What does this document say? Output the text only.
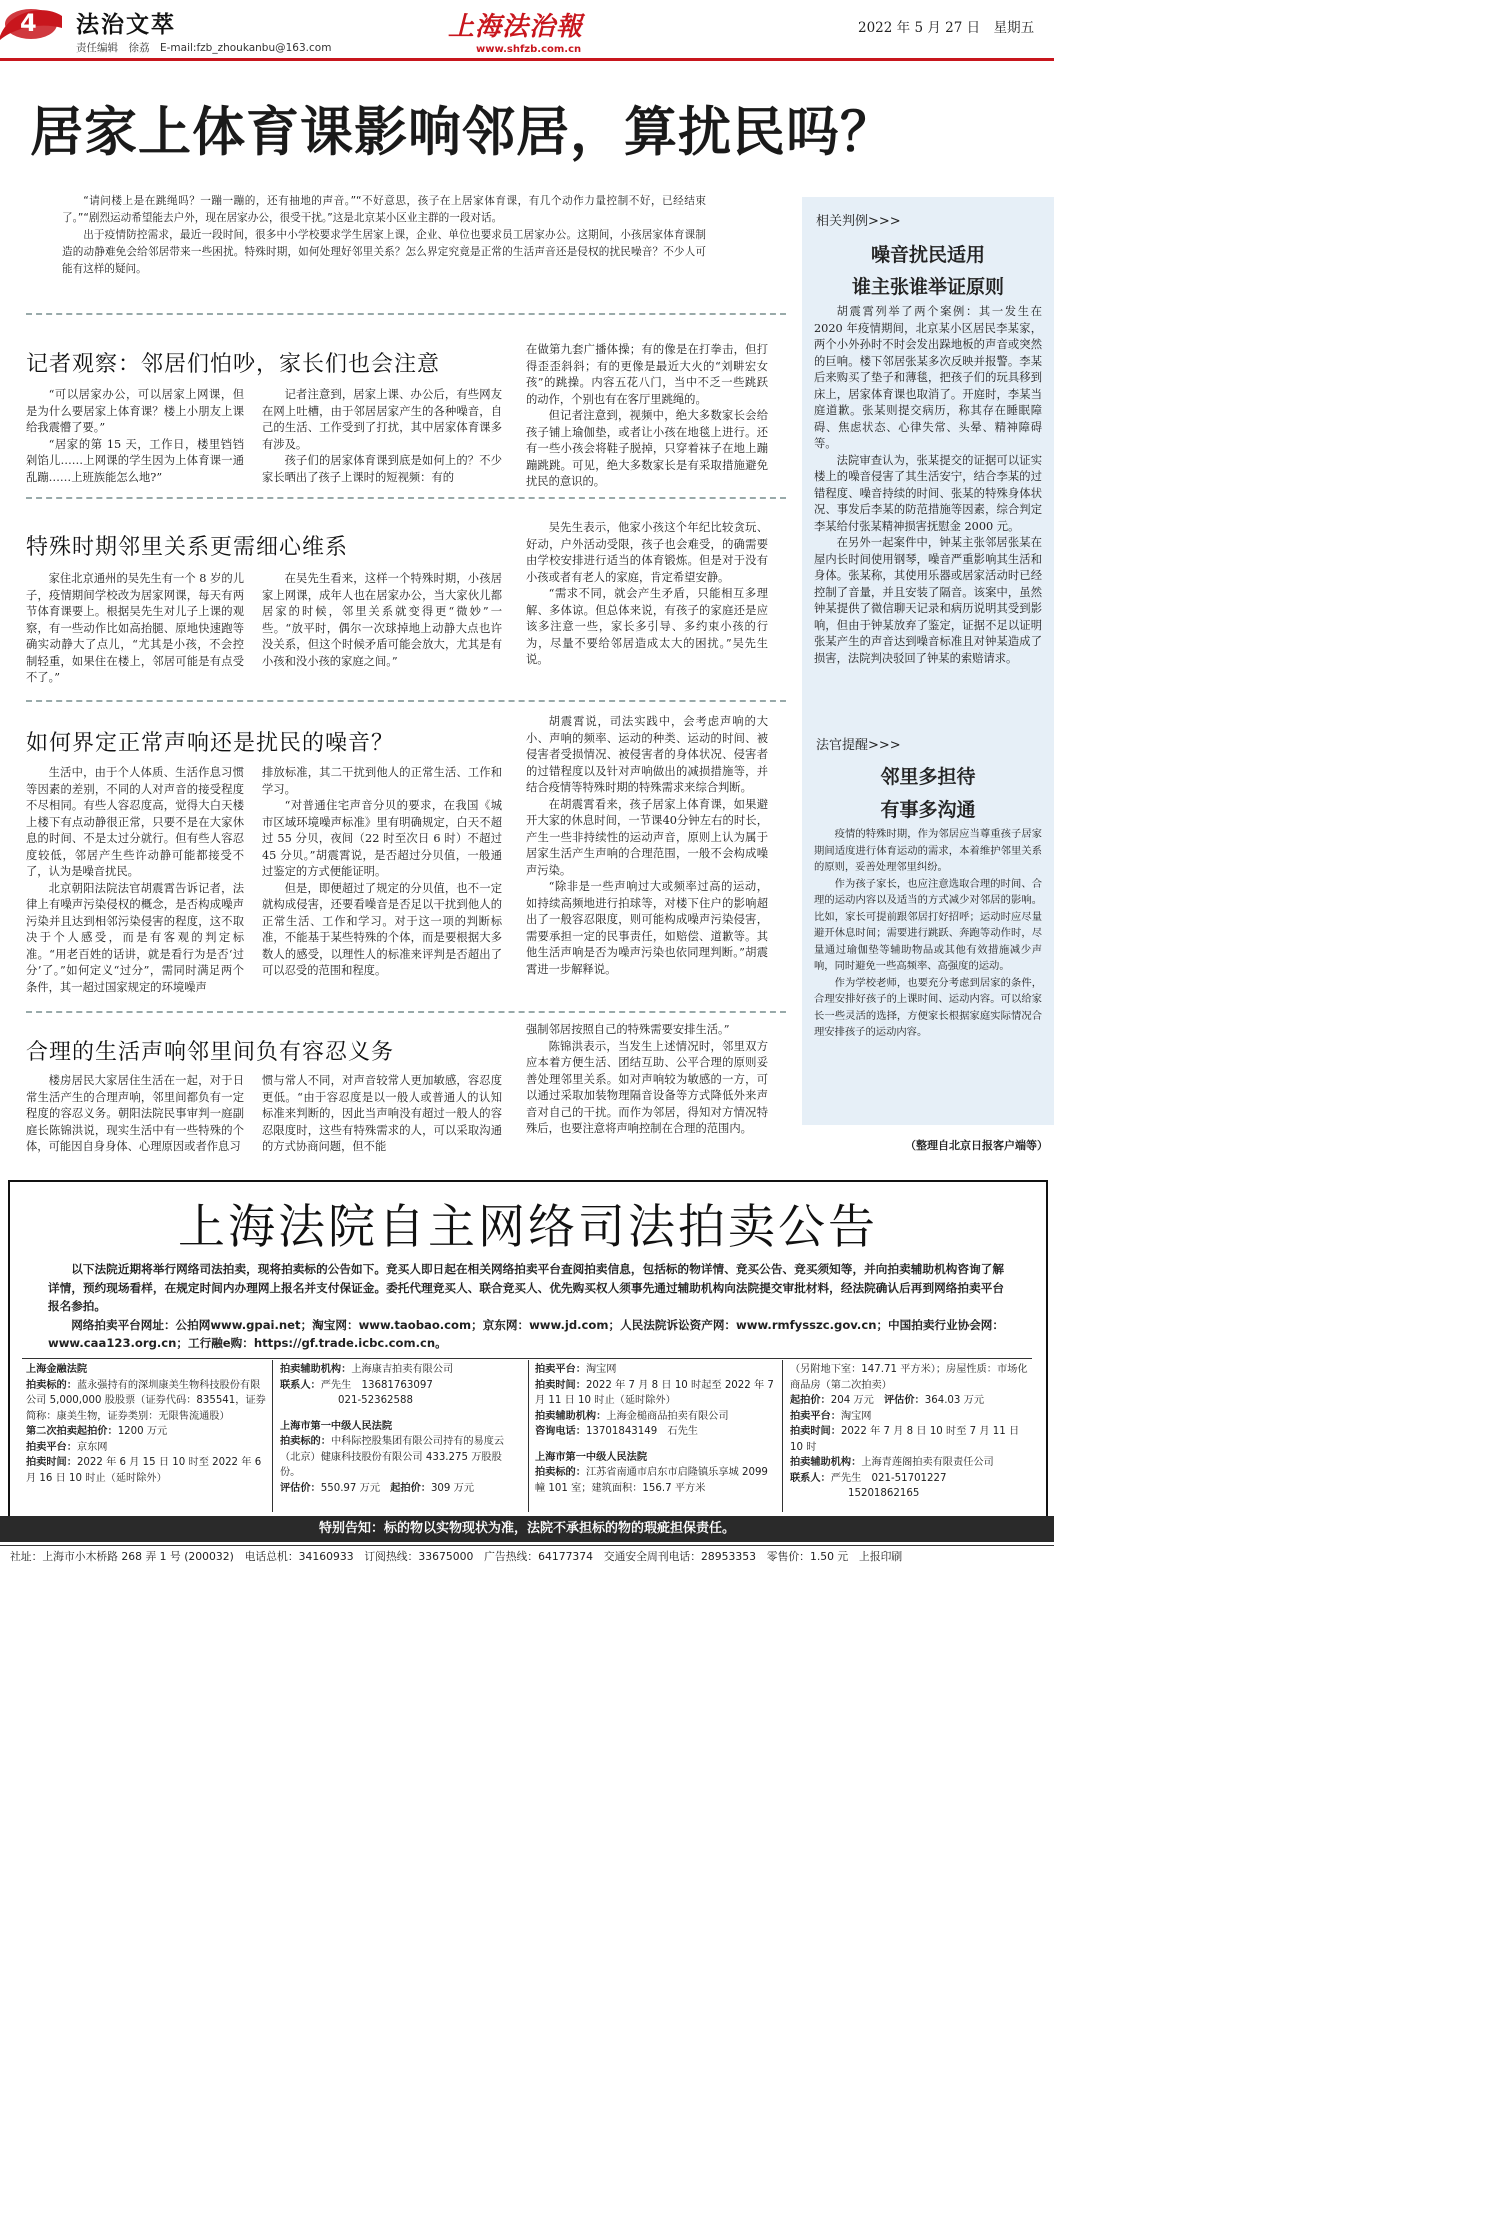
4 法治文萃
责任编辑　徐荔　E-mail:fzb_zhoukanbu@163.com
上海法治報
www.shfzb.com.cn
2022 年 5 月 27 日　星期五
居家上体育课影响邻居，算扰民吗？

“请问楼上是在跳绳吗？一蹦一蹦的，还有抽地的声音。”“不好意思，孩子在上居家体育课，有几个动作力量控制不好，已经结束了。”“剧烈运动希望能去户外，现在居家办公，很受干扰。”这是北京某小区业主群的一段对话。

出于疫情防控需求，最近一段时间，很多中小学校要求学生居家上课，企业、单位也要求员工居家办公。这期间，小孩居家体育课制造的动静难免会给邻居带来一些困扰。特殊时期，如何处理好邻里关系？怎么界定究竟是正常的生活声音还是侵权的扰民噪音？不少人可能有这样的疑问。

记者观察：邻居们怕吵，家长们也会注意

“可以居家办公，可以居家上网课，但是为什么要居家上体育课？楼上小朋友上课给我震懵了要。”

“居家的第 15 天，工作日，楼里铛铛剁馅儿……上网课的学生因为上体育课一通乱蹦……上班族能怎么地?”

记者注意到，居家上课、办公后，有些网友在网上吐槽，由于邻居居家产生的各种噪音，自己的生活、工作受到了打扰，其中居家体育课多有涉及。

孩子们的居家体育课到底是如何上的？不少家长晒出了孩子上课时的短视频：有的

在做第九套广播体操；有的像是在打拳击，但打得歪歪斜斜；有的更像是最近大火的“刘畊宏女孩”的跳操。内容五花八门，当中不乏一些跳跃的动作，个别也有在客厅里跳绳的。

但记者注意到，视频中，绝大多数家长会给孩子铺上瑜伽垫，或者让小孩在地毯上进行。还有一些小孩会将鞋子脱掉，只穿着袜子在地上蹦蹦跳跳。可见，绝大多数家长是有采取措施避免扰民的意识的。

特殊时期邻里关系更需细心维系

家住北京通州的吴先生有一个 8 岁的儿子，疫情期间学校改为居家网课，每天有两节体育课要上。根据吴先生对儿子上课的观察，有一些动作比如高抬腿、原地快速跑等确实动静大了点儿，“尤其是小孩，不会控制轻重，如果住在楼上，邻居可能是有点受不了。”

在吴先生看来，这样一个特殊时期，小孩居家上网课，成年人也在居家办公，当大家伙儿都居家的时候，邻里关系就变得更“微妙”一些。“放平时，偶尔一次球掉地上动静大点也许没关系，但这个时候矛盾可能会放大，尤其是有小孩和没小孩的家庭之间。”

吴先生表示，他家小孩这个年纪比较贪玩、好动，户外活动受限，孩子也会难受，的确需要由学校安排进行适当的体育锻炼。但是对于没有小孩或者有老人的家庭，肯定希望安静。

“需求不同，就会产生矛盾，只能相互多理解、多体谅。但总体来说，有孩子的家庭还是应该多注意一些，家长多引导、多约束小孩的行为，尽量不要给邻居造成太大的困扰。”吴先生说。

如何界定正常声响还是扰民的噪音？

生活中，由于个人体质、生活作息习惯等因素的差别，不同的人对声音的接受程度不尽相同。有些人容忍度高，觉得大白天楼上楼下有点动静很正常，只要不是在大家休息的时间、不是太过分就行。但有些人容忍度较低，邻居产生些许动静可能都接受不了，认为是噪音扰民。

北京朝阳法院法官胡震霄告诉记者，法律上有噪声污染侵权的概念，是否构成噪声污染并且达到相邻污染侵害的程度，这不取决于个人感受，而是有客观的判定标准。“用老百姓的话讲，就是看行为是否‘过分’了。”如何定义“过分”，需同时满足两个条件，其一超过国家规定的环境噪声

排放标准，其二干扰到他人的正常生活、工作和学习。

“对普通住宅声音分贝的要求，在我国《城市区域环境噪声标准》里有明确规定，白天不超过 55 分贝，夜间（22 时至次日 6 时）不超过 45 分贝。”胡震霄说，是否超过分贝值，一般通过鉴定的方式便能证明。

但是，即便超过了规定的分贝值，也不一定就构成侵害，还要看噪音是否足以干扰到他人的正常生活、工作和学习。对于这一项的判断标准，不能基于某些特殊的个体，而是要根据大多数人的感受，以理性人的标准来评判是否超出了可以忍受的范围和程度。

胡震霄说，司法实践中，会考虑声响的大小、声响的频率、运动的种类、运动的时间、被侵害者受损情况、被侵害者的身体状况、侵害者的过错程度以及针对声响做出的减损措施等，并结合疫情等特殊时期的特殊需求来综合判断。

在胡震霄看来，孩子居家上体育课，如果避开大家的休息时间，一节课40分钟左右的时长，产生一些非持续性的运动声音，原则上认为属于居家生活产生声响的合理范围，一般不会构成噪声污染。

“除非是一些声响过大或频率过高的运动，如持续高频地进行拍球等，对楼下住户的影响超出了一般容忍限度，则可能构成噪声污染侵害，需要承担一定的民事责任，如赔偿、道歉等。其他生活声响是否为噪声污染也依同理判断。”胡震霄进一步解释说。

合理的生活声响邻里间负有容忍义务

楼房居民大家居住生活在一起，对于日常生活产生的合理声响，邻里间都负有一定程度的容忍义务。朝阳法院民事审判一庭副庭长陈锦洪说，现实生活中有一些特殊的个体，可能因自身身体、心理原因或者作息习

惯与常人不同，对声音较常人更加敏感，容忍度更低。“由于容忍度是以一般人或普通人的认知标准来判断的，因此当声响没有超过一般人的容忍限度时，这些有特殊需求的人，可以采取沟通的方式协商问题，但不能

强制邻居按照自己的特殊需要安排生活。”

陈锦洪表示，当发生上述情况时，邻里双方应本着方便生活、团结互助、公平合理的原则妥善处理邻里关系。如对声响较为敏感的一方，可以通过采取加装物理隔音设备等方式降低外来声音对自己的干扰。而作为邻居，得知对方情况特殊后，也要注意将声响控制在合理的范围内。

相关判例>>>
噪音扰民适用
谁主张谁举证原则

胡震霄列举了两个案例：其一发生在 2020 年疫情期间，北京某小区居民李某家，两个小外孙时不时会发出跺地板的声音或突然的巨响。楼下邻居张某多次反映并报警。李某后来购买了垫子和薄毯，把孩子们的玩具移到床上，居家体育课也取消了。开庭时，李某当庭道歉。张某则提交病历，称其存在睡眠障碍、焦虑状态、心律失常、头晕、精神障碍等。

法院审查认为，张某提交的证据可以证实楼上的噪音侵害了其生活安宁，结合李某的过错程度、噪音持续的时间、张某的特殊身体状况、事发后李某的防范措施等因素，综合判定李某给付张某精神损害抚慰金 2000 元。

在另外一起案件中，钟某主张邻居张某在屋内长时间使用钢琴，噪音严重影响其生活和身体。张某称，其使用乐器或居家活动时已经控制了音量，并且安装了隔音。该案中，虽然钟某提供了微信聊天记录和病历说明其受到影响，但由于钟某放弃了鉴定，证据不足以证明张某产生的声音达到噪音标准且对钟某造成了损害，法院判决驳回了钟某的索赔请求。

法官提醒>>>
邻里多担待
有事多沟通

疫情的特殊时期，作为邻居应当尊重孩子居家期间适度进行体育运动的需求，本着维护邻里关系的原则，妥善处理邻里纠纷。

作为孩子家长，也应注意选取合理的时间、合理的运动内容以及适当的方式减少对邻居的影响。比如，家长可提前跟邻居打好招呼；运动时应尽量避开休息时间；需要进行跳跃、奔跑等动作时，尽量通过瑜伽垫等辅助物品或其他有效措施减少声响，同时避免一些高频率、高强度的运动。

作为学校老师，也要充分考虑到居家的条件，合理安排好孩子的上课时间、运动内容。可以给家长一些灵活的选择，方便家长根据家庭实际情况合理安排孩子的运动内容。

（整理自北京日报客户端等）
上海法院自主网络司法拍卖公告

以下法院近期将举行网络司法拍卖，现将拍卖标的公告如下。竞买人即日起在相关网络拍卖平台查阅拍卖信息，包括标的物详情、竞买公告、竞买须知等，并向拍卖辅助机构咨询了解详情，预约现场看样，在规定时间内办理网上报名并支付保证金。委托代理竞买人、联合竞买人、优先购买权人须事先通过辅助机构向法院提交审批材料，经法院确认后再到网络拍卖平台报名参拍。

网络拍卖平台网址：公拍网www.gpai.net；淘宝网：www.taobao.com；京东网：www.jd.com；人民法院诉讼资产网：www.rmfysszc.gov.cn；中国拍卖行业协会网：www.caa123.org.cn；工行融e购：https://gf.trade.icbc.com.cn。

上海金融法院
拍卖标的：蓝永强持有的深圳康美生物科技股份有限公司 5,000,000 股股票（证券代码：835541，证券简称：康美生物，证券类别：无限售流通股）
第二次拍卖起拍价：1200 万元
拍卖平台：京东网
拍卖时间：2022 年 6 月 15 日 10 时至 2022 年 6 月 16 日 10 时止（延时除外）
拍卖辅助机构：上海康吉拍卖有限公司
联系人：严先生　13681763097
021-52362588
上海市第一中级人民法院
拍卖标的：中科际控股集团有限公司持有的易度云（北京）健康科技股份有限公司 433.275 万股股份。
评估价：550.97 万元　 起拍价：309 万元
拍卖平台：淘宝网
拍卖时间：2022 年 7 月 8 日 10 时起至 2022 年 7 月 11 日 10 时止（延时除外）
拍卖辅助机构：上海金槌商品拍卖有限公司
咨询电话：13701843149　石先生
上海市第一中级人民法院
拍卖标的：江苏省南通市启东市启隆镇乐享城 2099 幢 101 室；建筑面积：156.7 平方米
（另附地下室：147.71 平方米）；房屋性质：市场化商品房（第二次拍卖）
起拍价：204 万元　 评估价：364.03 万元
拍卖平台：淘宝网
拍卖时间：2022 年 7 月 8 日 10 时至 7 月 11 日 10 时
拍卖辅助机构：上海青莲阁拍卖有限责任公司
联系人：严先生　021-51701227
15201862165
特别告知：标的物以实物现状为准，法院不承担标的物的瑕疵担保责任。
社址：上海市小木桥路 268 弄 1 号 (200032)　电话总机：34160933　订阅热线：33675000　广告热线：64177374　交通安全周刊电话：28953353　零售价：1.50 元　上报印刷
